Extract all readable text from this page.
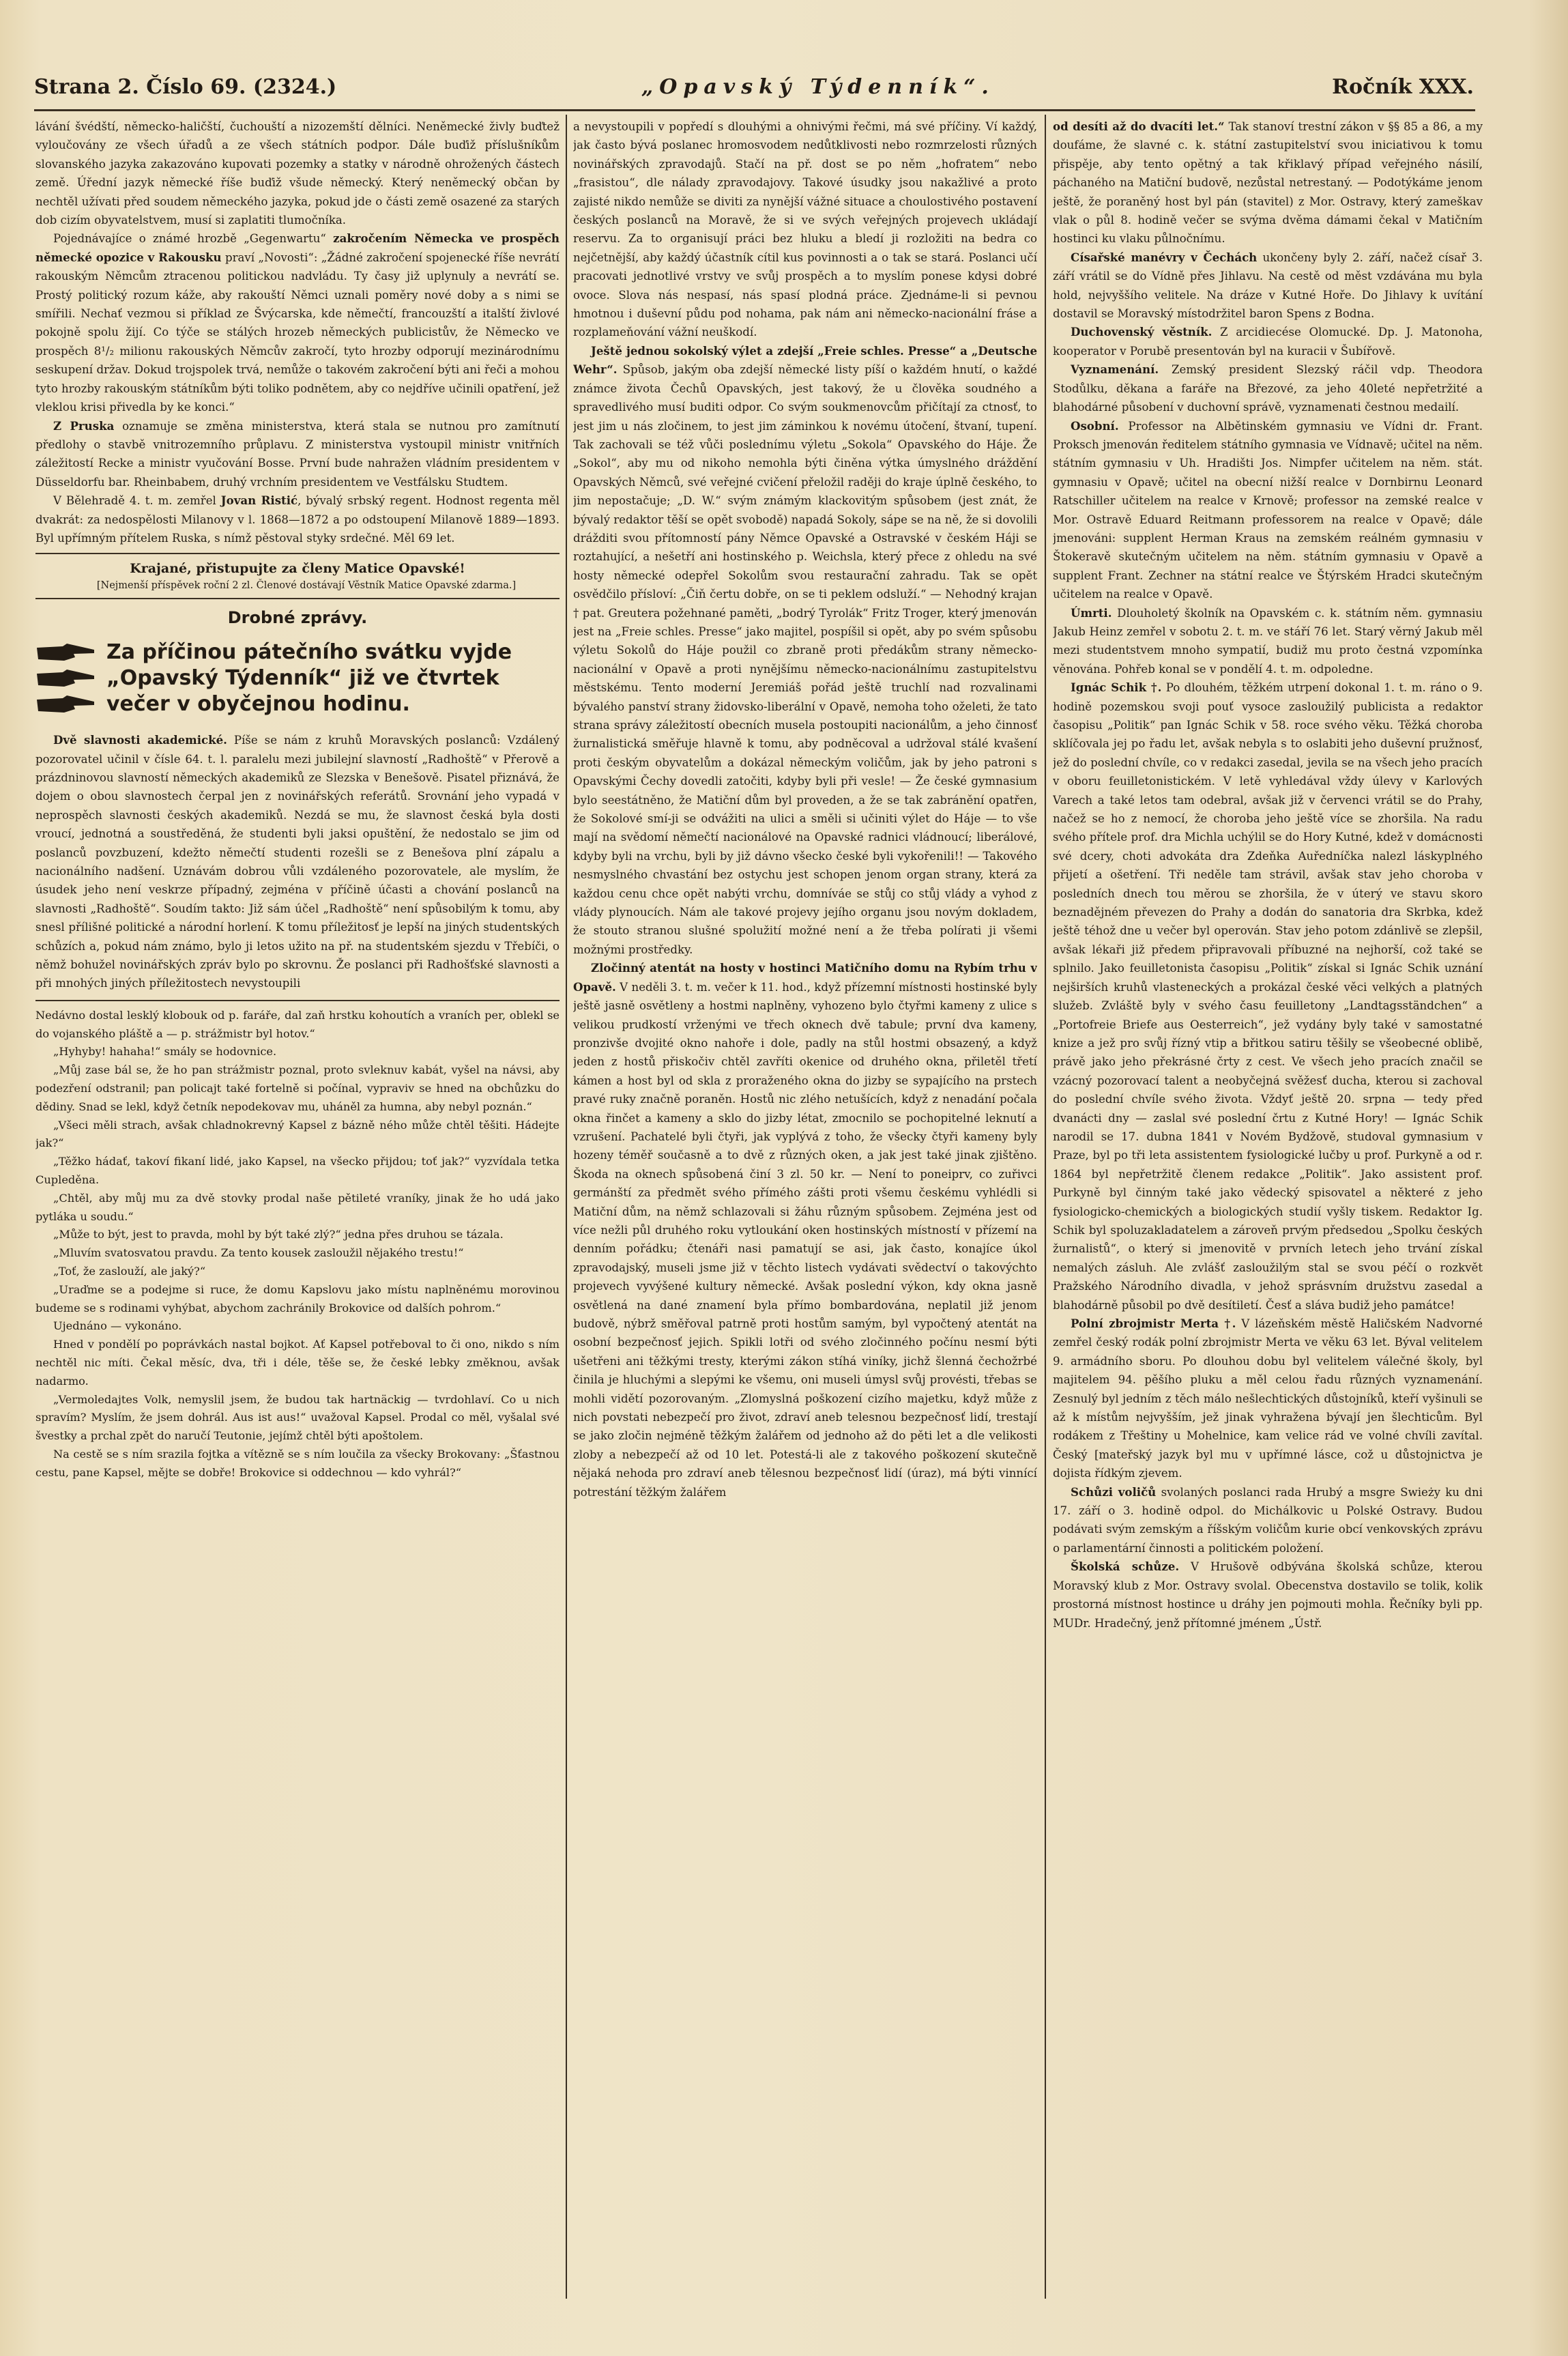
Strana 2. Číslo 69. (2324.)	„Opavský Týdenník“.	Ročník XXX.

lávání švédští, německo-haličští, čuchouští a nizozemští dělníci. Neněmecké živly buďtež vyloučovány ze všech úřadů a ze všech státních podpor. Dále buďiž příslušníkům slovanského jazyka zakazováno kupovati pozemky a statky v národně ohrožených částech země. Úřední jazyk německé říše buďiž všude německý. Který neněmecký občan by nechtěl užívati před soudem německého jazyka, pokud jde o části země osazené za starých dob cizím obyvatelstvem, musí si zaplatiti tlumočníka.

Pojednávajíce o známé hrozbě „Gegenwartu“ zakročením Německa ve prospěch německé opozice v Rakousku praví „Novosti“: „Žádné zakročení spojenecké říše nevrátí rakouským Němcům ztracenou politickou nadvládu. Ty časy již uplynuly a nevrátí se. Prostý politický rozum káže, aby rakouští Němci uznali poměry nové doby a s nimi se smířili. Nechať vezmou si příklad ze Švýcarska, kde němečtí, francouzští a italští živlové pokojně spolu žijí. Co týče se stálých hrozeb německých publicistův, že Německo ve prospěch 8¹/₂ milionu rakouských Němcův zakročí, tyto hrozby odporují mezinárodnímu seskupení držav. Dokud trojspolek trvá, nemůže o takovém zakročení býti ani řeči a mohou tyto hrozby rakouským státníkům býti toliko podnětem, aby co nejdříve učinili opatření, jež vleklou krisi přivedla by ke konci.“

Z Pruska oznamuje se změna ministerstva, která stala se nutnou pro zamítnutí předlohy o stavbě vnitrozemního průplavu. Z ministerstva vystoupil ministr vnitřních záležitostí Recke a ministr vyučování Bosse. První bude nahražen vládním presidentem v Düsseldorfu bar. Rheinbabem, druhý vrchním presidentem ve Vestfálsku Studtem.

V Bělehradě 4. t. m. zemřel Jovan Ristić, bývalý srbský regent. Hodnost regenta měl dvakrát: za nedospělosti Milanovy v l. 1868—1872 a po odstoupení Milanově 1889—1893. Byl upřímným přítelem Ruska, s nímž pěstoval styky srdečné. Měl 69 let.

Krajané, přistupujte za členy Matice Opavské!

[Nejmenší příspěvek roční 2 zl. Členové dostávají Věstník Matice Opavské zdarma.]

Drobné zprávy.
Za příčinou pátečního svátku vyjde
„Opavský Týdenník“ již ve čtvrtek
večer v obyčejnou hodinu.

Dvě slavnosti akademické. Píše se nám z kruhů Moravských poslanců: Vzdálený pozorovatel učinil v čísle 64. t. l. paralelu mezi jubilejní slavností „Radhoště“ v Přerově a prázdninovou slavností německých akademiků ze Slezska v Benešově. Pisatel přiznává, že dojem o obou slavnostech čerpal jen z novinářských referátů. Srovnání jeho vypadá v neprospěch slavnosti českých akademiků. Nezdá se mu, že slavnost česká byla dosti vroucí, jednotná a soustředěná, že studenti byli jaksi opuštění, že nedostalo se jim od poslanců povzbuzení, kdežto němečtí studenti rozešli se z Benešova plní zápalu a nacionálního nadšení. Uznávám dobrou vůli vzdáleného pozorovatele, ale myslím, že úsudek jeho není veskrze případný, zejména v příčině účasti a chování poslanců na slavnosti „Radhoště“. Soudím takto: Již sám účel „Radhoště“ není spůsobilým k tomu, aby snesl přílišné politické a národní horlení. K tomu příležitosť je lepší na jiných studentských schůzích a, pokud nám známo, bylo ji letos užito na př. na studentském sjezdu v Třebíči, o němž bohužel novinářských zpráv bylo po skrovnu. Že poslanci při Radhošťské slavnosti a při mnohých jiných příležitostech nevystoupili

Nedávno dostal lesklý klobouk od p. faráře, dal zaň hrstku kohoutích a vraních per, oblekl se do vojanského pláště a — p. strážmistr byl hotov.“

„Hyhyby! hahaha!“ smály se hodovnice.

„Můj zase bál se, že ho pan strážmistr poznal, proto svleknuv kabát, vyšel na návsi, aby podezření odstranil; pan policajt také fortelně si počínal, vypraviv se hned na obchůzku do dědiny. Snad se lekl, když četník nepodekovav mu, uháněl za humna, aby nebyl poznán.“

„Všeci měli strach, avšak chladnokrevný Kapsel z bázně ného může chtěl těšiti. Hádejte jak?“

„Těžko hádať, takoví fikaní lidé, jako Kapsel, na všecko přijdou; toť jak?“ vyzvídala tetka Cupleděna.

„Chtěl, aby můj mu za dvě stovky prodal naše pětileté vraníky, jinak že ho udá jako pytláka u soudu.“

„Může to být, jest to pravda, mohl by být také zlý?“ jedna přes druhou se tázala.

„Mluvím svatosvatou pravdu. Za tento kousek zasloužil nějakého trestu!“

„Toť, že zaslouží, ale jaký?“

„Uraďme se a podejme si ruce, že domu Kapslovu jako místu naplněnému morovinou budeme se s rodinami vyhýbat, abychom zachránily Brokovice od dalších pohrom.“

Ujednáno — vykonáno.

Hned v pondělí po poprávkách nastal bojkot. Ať Kapsel potřeboval to či ono, nikdo s ním nechtěl nic míti. Čekal měsíc, dva, tři i déle, těše se, že české lebky změknou, avšak nadarmo.

„Vermoledajtes Volk, nemyslil jsem, že budou tak hartnäckig — tvrdohlaví. Co u nich spravím? Myslím, že jsem dohrál. Aus ist aus!“ uvažoval Kapsel. Prodal co měl, vyšalal své švestky a prchal zpět do naručí Teutonie, jejímž chtěl býti apoštolem.

Na cestě se s ním srazila fojtka a vítězně se s ním loučila za všecky Brokovany: „Šťastnou cestu, pane Kapsel, mějte se dobře! Brokovice si oddechnou — kdo vyhrál?“

a nevystoupili v popředí s dlouhými a ohnivými řečmi, má své příčiny. Ví každý, jak často bývá poslanec hromosvodem nedůtklivosti nebo rozmrzelosti různých novinářských zpravodajů. Stačí na př. dost se po něm „hofratem“ nebo „frasistou“, dle nálady zpravodajovy. Takové úsudky jsou nakažlivé a proto zajisté nikdo nemůže se diviti za nynější vážné situace a choulostivého postavení českých poslanců na Moravě, že si ve svých veřejných projevech ukládají reservu. Za to organisují práci bez hluku a bledí ji rozložiti na bedra co nejčetnější, aby každý účastník cítil kus povinnosti a o tak se stará. Poslanci učí pracovati jednotlivé vrstvy ve svůj prospěch a to myslím ponese kdysi dobré ovoce. Slova nás nespasí, nás spasí plodná práce. Zjednáme-li si pevnou hmotnou i duševní půdu pod nohama, pak nám ani německo-nacionální fráse a rozplameňování vážní neuškodí.

Ještě jednou sokolský výlet a zdejší „Freie schles. Presse“ a „Deutsche Wehr“. Spůsob, jakým oba zdejší německé listy píší o každém hnutí, o každé známce života Čechů Opavských, jest takový, že u člověka soudného a spravedlivého musí buditi odpor. Co svým soukmenovcům přičítají za ctnosť, to jest jim u nás zločinem, to jest jim záminkou k novému útočení, štvaní, tupení. Tak zachovali se též vůči poslednímu výletu „Sokola“ Opavského do Háje. Že „Sokol“, aby mu od nikoho nemohla býti činěna výtka úmyslného dráždění Opavských Němců, své veřejné cvičení přeložil raději do kraje úplně českého, to jim nepostačuje; „D. W.“ svým známým klackovitým spůsobem (jest znát, že bývalý redaktor těší se opět svobodě) napadá Sokoly, sápe se na ně, že si dovolili drážditi svou přítomností pány Němce Opavské a Ostravské v českém Háji se roztahující, a nešetří ani hostinského p. Weichsla, který přece z ohledu na své hosty německé odepřel Sokolům svou restaurační zahradu. Tak se opět osvědčilo přísloví: „Čiň čertu dobře, on se ti peklem odsluží.“ — Nehodný krajan † pat. Greutera požehnané paměti, „bodrý Tyrolák“ Fritz Troger, který jmenován jest na „Freie schles. Presse“ jako majitel, pospíšil si opět, aby po svém spůsobu výletu Sokolů do Háje použil co zbraně proti předákům strany německo-nacionální v Opavě a proti nynějšímu německo-nacionálnímu zastupitelstvu městskému. Tento moderní Jeremiáš pořád ještě truchlí nad rozvalinami bývalého panství strany židovsko-liberální v Opavě, nemoha toho oželeti, že tato strana správy záležitostí obecních musela postoupiti nacionálům, a jeho činnosť žurnalistická směřuje hlavně k tomu, aby podněcoval a udržoval stálé kvašení proti českým obyvatelům a dokázal německým voličům, jak by jeho patroni s Opavskými Čechy dovedli zatočiti, kdyby byli při vesle! — Že české gymnasium bylo seestátněno, že Matiční dům byl proveden, a že se tak zabránění opatřen, že Sokolové smí-ji se odvážiti na ulici a směli si učiniti výlet do Háje — to vše mají na svědomí němečtí nacionálové na Opavské radnici vládnoucí; liberálové, kdyby byli na vrchu, byli by již dávno všecko české byli vykořenili!! — Takového nesmyslného chvastání bez ostychu jest schopen jenom organ strany, která za každou cenu chce opět nabýti vrchu, domníváe se stůj co stůj vlády a vyhod z vlády plynoucích. Nám ale takové projevy jejího organu jsou novým dokladem, že stouto stranou slušné spolužití možné není a že třeba polírati ji všemi možnými prostředky.

Zločinný atentát na hosty v hostinci Matičního domu na Rybím trhu v Opavě. V neděli 3. t. m. večer k 11. hod., když přízemní místnosti hostinské byly ještě jasně osvětleny a hostmi naplněny, vyhozeno bylo čtyřmi kameny z ulice s velikou prudkostí vrženými ve třech oknech dvě tabule; první dva kameny, pronzivše dvojité okno nahoře i dole, padly na stůl hostmi obsazený, a když jeden z hostů přiskočiv chtěl zavříti okenice od druhého okna, přiletěl třetí kámen a host byl od skla z proraženého okna do jizby se sypajícího na prstech pravé ruky značně poraněn. Hostů nic zlého netušících, když z nenadání počala okna řinčet a kameny a sklo do jizby létat, zmocnilo se pochopitelné leknutí a vzrušení. Pachatelé byli čtyři, jak vyplývá z toho, že všecky čtyři kameny byly hozeny téměř současně a to dvě z různých oken, a jak jest také jinak zjištěno. Škoda na oknech spůsobená činí 3 zl. 50 kr. — Není to poneiprv, co zuřivci germánští za předmět svého přímého zášti proti všemu českému vyhlédli si Matiční dům, na němž schlazovali si žáhu různým spůsobem. Zejména jest od více nežli půl druhého roku vytloukání oken hostinských místností v přízemí na denním pořádku; čtenáři nasi pamatují se asi, jak často, konajíce úkol zpravodajský, museli jsme již v těchto listech vydávati svědectví o takovýchto projevech vyvýšené kultury německé. Avšak poslední výkon, kdy okna jasně osvětlená na dané znamení byla přímo bombardována, neplatil již jenom budově, nýbrž směřoval patrně proti hostům samým, byl vypočtený atentát na osobní bezpečnosť jejich. Spikli lotři od svého zločinného počínu nesmí býti ušetřeni ani těžkými tresty, kterými zákon stíhá viníky, jichž šlenná čechožrbé činila je hluchými a slepými ke všemu, oni museli úmysl svůj provésti, třebas se mohli vidětí pozorovaným. „Zlomyslná poškození cizího majetku, když může z nich povstati nebezpečí pro život, zdraví aneb telesnou bezpečnosť lidí, trestají se jako zločin nejméně těžkým žalářem od jednoho až do pěti let a dle velikosti zloby a nebezpečí až od 10 let. Potestá-li ale z takového poškození skutečně nějaká nehoda pro zdraví aneb tělesnou bezpečnosť lidí (úraz), má býti vinnící potrestání těžkým žalářem

od desíti až do dvacíti let.“ Tak stanoví trestní zákon v §§ 85 a 86, a my doufáme, že slavné c. k. státní zastupitelství svou iniciativou k tomu přispěje, aby tento opětný a tak křiklavý případ veřejného násilí, páchaného na Matiční budově, nezůstal netrestaný. — Podotýkáme jenom ještě, že poraněný host byl pán (stavitel) z Mor. Ostravy, který zameškav vlak o půl 8. hodině večer se svýma dvěma dámami čekal v Matičním hostinci ku vlaku půlnočnímu.

Císařské manévry v Čechách ukončeny byly 2. září, načež císař 3. září vrátil se do Vídně přes Jihlavu. Na cestě od měst vzdávána mu byla hold, nejvyššího velitele. Na dráze v Kutné Hoře. Do Jihlavy k uvítání dostavil se Moravský místodržitel baron Spens z Bodna.

Duchovenský věstník. Z arcidiecése Olomucké. Dp. J. Matonoha, kooperator v Porubě presentován byl na kuracii v Šubířově.

Vyznamenání. Zemský president Slezský ráčil vdp. Theodora Stodůlku, děkana a faráře na Březové, za jeho 40leté nepřetržité a blahodárné působení v duchovní správě, vyznamenati čestnou medailí.

Osobní. Professor na Albětinském gymnasiu ve Vídni dr. Frant. Proksch jmenován ředitelem státního gymnasia ve Vídnavě; učitel na něm. státním gymnasiu v Uh. Hradišti Jos. Nimpfer učitelem na něm. stát. gymnasiu v Opavě; učitel na obecní nižší realce v Dornbirnu Leonard Ratschiller učitelem na realce v Krnově; professor na zemské realce v Mor. Ostravě Eduard Reitmann professorem na realce v Opavě; dále jmenováni: supplent Herman Kraus na zemském reálném gymnasiu v Štokeravě skutečným učitelem na něm. státním gymnasiu v Opavě a supplent Frant. Zechner na státní realce ve Štýrském Hradci skutečným učitelem na realce v Opavě.

Úmrti. Dlouholetý školník na Opavském c. k. státním něm. gymnasiu Jakub Heinz zemřel v sobotu 2. t. m. ve stáří 76 let. Starý věrný Jakub měl mezi studentstvem mnoho sympatií, budiž mu proto čestná vzpomínka věnována. Pohřeb konal se v pondělí 4. t. m. odpoledne.

Ignác Schik †. Po dlouhém, těžkém utrpení dokonal 1. t. m. ráno o 9. hodině pozemskou svoji pouť vysoce zasloužilý publicista a redaktor časopisu „Politik“ pan Ignác Schik v 58. roce svého věku. Těžká choroba sklíčovala jej po řadu let, avšak nebyla s to oslabiti jeho duševní pružnosť, jež do poslední chvíle, co v redakci zasedal, jevila se na všech jeho pracích v oboru feuilletonistickém. V letě vyhledával vždy úlevy v Karlových Varech a také letos tam odebral, avšak již v červenci vrátil se do Prahy, načež se ho z nemocí, že choroba jeho ještě více se zhoršila. Na radu svého přítele prof. dra Michla uchýlil se do Hory Kutné, kdež v domácnosti své dcery, choti advokáta dra Zdeňka Auředníčka nalezl láskyplného přijetí a ošetření. Tři neděle tam strávil, avšak stav jeho choroba v posledních dnech tou měrou se zhoršila, že v úterý ve stavu skoro beznadějném převezen do Prahy a dodán do sanatoria dra Skrbka, kdež ještě téhož dne u večer byl operován. Stav jeho potom zdánlivě se zlepšil, avšak lékaři již předem připravovali příbuzné na nejhorší, což také se splnilo. Jako feuilletonista časopisu „Politik“ získal si Ignác Schik uznání nejširších kruhů vlasteneckých a prokázal české věci velkých a platných služeb. Zvláště byly v svého času feuilletony „Landtagsständchen“ a „Portofreie Briefe aus Oesterreich“, jež vydány byly také v samostatné knize a jež pro svůj řízný vtip a břitkou satiru těšily se všeobecné oblibě, právě jako jeho překrásné črty z cest. Ve všech jeho pracích značil se vzácný pozorovací talent a neobyčejná svěžesť ducha, kterou si zachoval do poslední chvíle svého života. Vždyť ještě 20. srpna — tedy před dvanácti dny — zaslal své poslední črtu z Kutné Hory! — Ignác Schik narodil se 17. dubna 1841 v Novém Bydžově, studoval gymnasium v Praze, byl po tři leta assistentem fysiologické lučby u prof. Purkyně a od r. 1864 byl nepřetržitě členem redakce „Politik“. Jako assistent prof. Purkyně byl činným také jako vědecký spisovatel a některé z jeho fysiologicko-chemických a biologických studií vyšly tiskem. Redaktor Ig. Schik byl spoluzakladatelem a zároveň prvým předsedou „Spolku českých žurnalistů“, o který si jmenovitě v prvních letech jeho trvání získal nemalých zásluh. Ale zvlášť zasloužilým stal se svou péčí o rozkvět Pražského Národního divadla, v jehož sprásvním družstvu zasedal a blahodárně působil po dvě desítiletí. Česť a sláva budiž jeho památce!

Polní zbrojmistr Merta †. V lázeňském městě Haličském Nadvorné zemřel český rodák polní zbrojmistr Merta ve věku 63 let. Býval velitelem 9. armádního sboru. Po dlouhou dobu byl velitelem válečné školy, byl majitelem 94. pěšího pluku a měl celou řadu různých vyznamenání. Zesnulý byl jedním z těch málo nešlechtických důstojníků, kteří vyšinuli se až k místům nejvyšším, jež jinak vyhražena bývají jen šlechticům. Byl rodákem z Třeštiny u Mohelnice, kam velice rád ve volné chvíli zavítal. Český [mateřský jazyk byl mu v upřímné lásce, což u důstojnictva je dojista řídkým zjevem.

Schůzi voličů svolaných poslanci rada Hrubý a msgre Swieży ku dni 17. září o 3. hodině odpol. do Michálkovic u Polské Ostravy. Budou podávati svým zemským a říšským voličům kurie obcí venkovských zprávu o parlamentární činnosti a politickém položení.

Školská schůze. V Hrušově odbývána školská schůze, kterou Moravský klub z Mor. Ostravy svolal. Obecenstva dostavilo se tolik, kolik prostorná místnost hostince u dráhy jen pojmouti mohla. Řečníky byli pp. MUDr. Hradečný, jenž přítomné jménem „Ústř.
